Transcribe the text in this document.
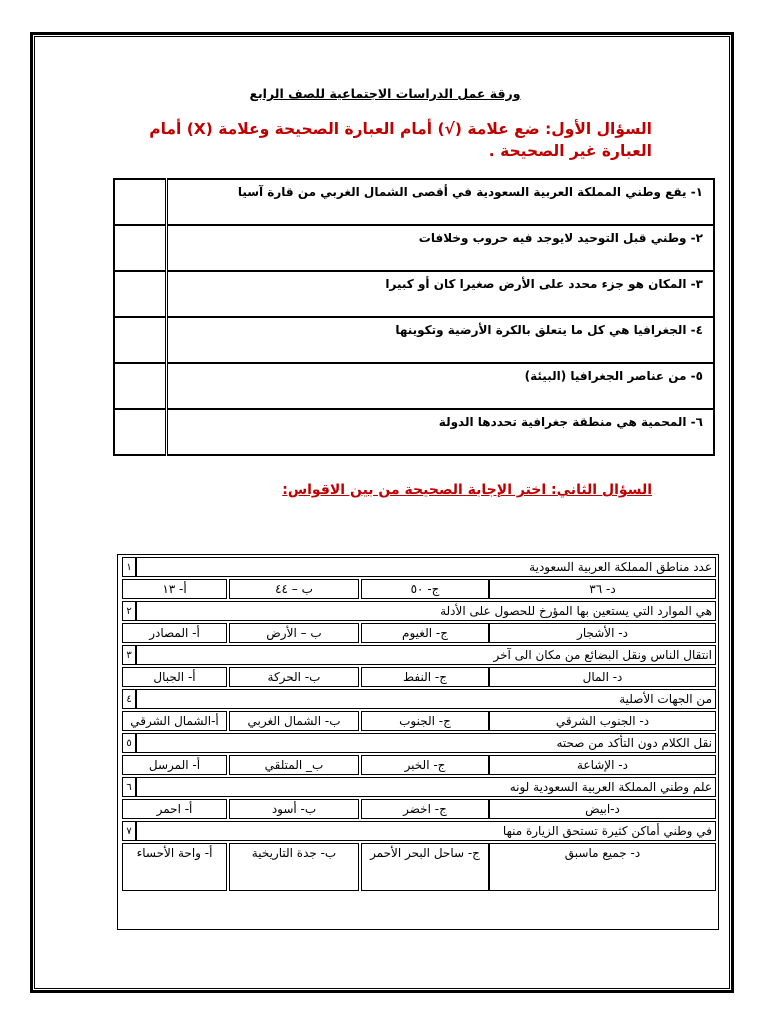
ورقة عمل الدراسات الاجتماعية للصف الرابع
السؤال الأول: ضع علامة (√) أمام العبارة الصحيحة وعلامة (X) أمام العبارة غير الصحيحة .
١- يقع وطني المملكة العربية السعودية في أقصى الشمال الغربي من قارة آسيا	
٢- وطني قبل التوحيد لايوجد فيه حروب وخلافات	
٣- المكان هو جزء محدد على الأرض صغيرا كان أو كبيرا	
٤- الجغرافيا هي كل ما يتعلق بالكرة الأرضية وتكوينها	
٥- من عناصر الجغرافيا (البيئة)	
٦- المحمية هي منطقة جغرافية تحددها الدولة	
السؤال الثاني: اختر الإجابة الصحيحة من بين الاقواس:
١	عدد مناطق المملكة العربية السعودية
أ- ١٣	ب – ٤٤	ج- ٥٠	د- ٣٦
٢	هي الموارد التي يستعين بها المؤرخ للحصول على الأدلة
أ- المصادر	ب – الأرض	ج- الغيوم	د- الأشجار
٣	انتقال الناس ونقل البضائع من مكان الى آخر
أ- الجبال	ب- الحركة	ج- النفط	د- المال
٤	من الجهات الأصلية
أ-الشمال الشرقي	ب- الشمال الغربي	ج- الجنوب	د- الجنوب الشرقي
٥	نقل الكلام دون التأكد من صحته
أ- المرسل	ب_ المتلقي	ج- الخبر	د- الإشاعة
٦	علم وطني المملكة العربية السعودية لونه
أ- احمر	ب- أسود	ج- اخضر	د-ابيض
٧	في وطني أماكن كثيرة تستحق الزيارة منها
أ- واحة الأحساء	ب- جدة التاريخية	ج- ساحل البحر الأحمر	د- جميع ماسبق
